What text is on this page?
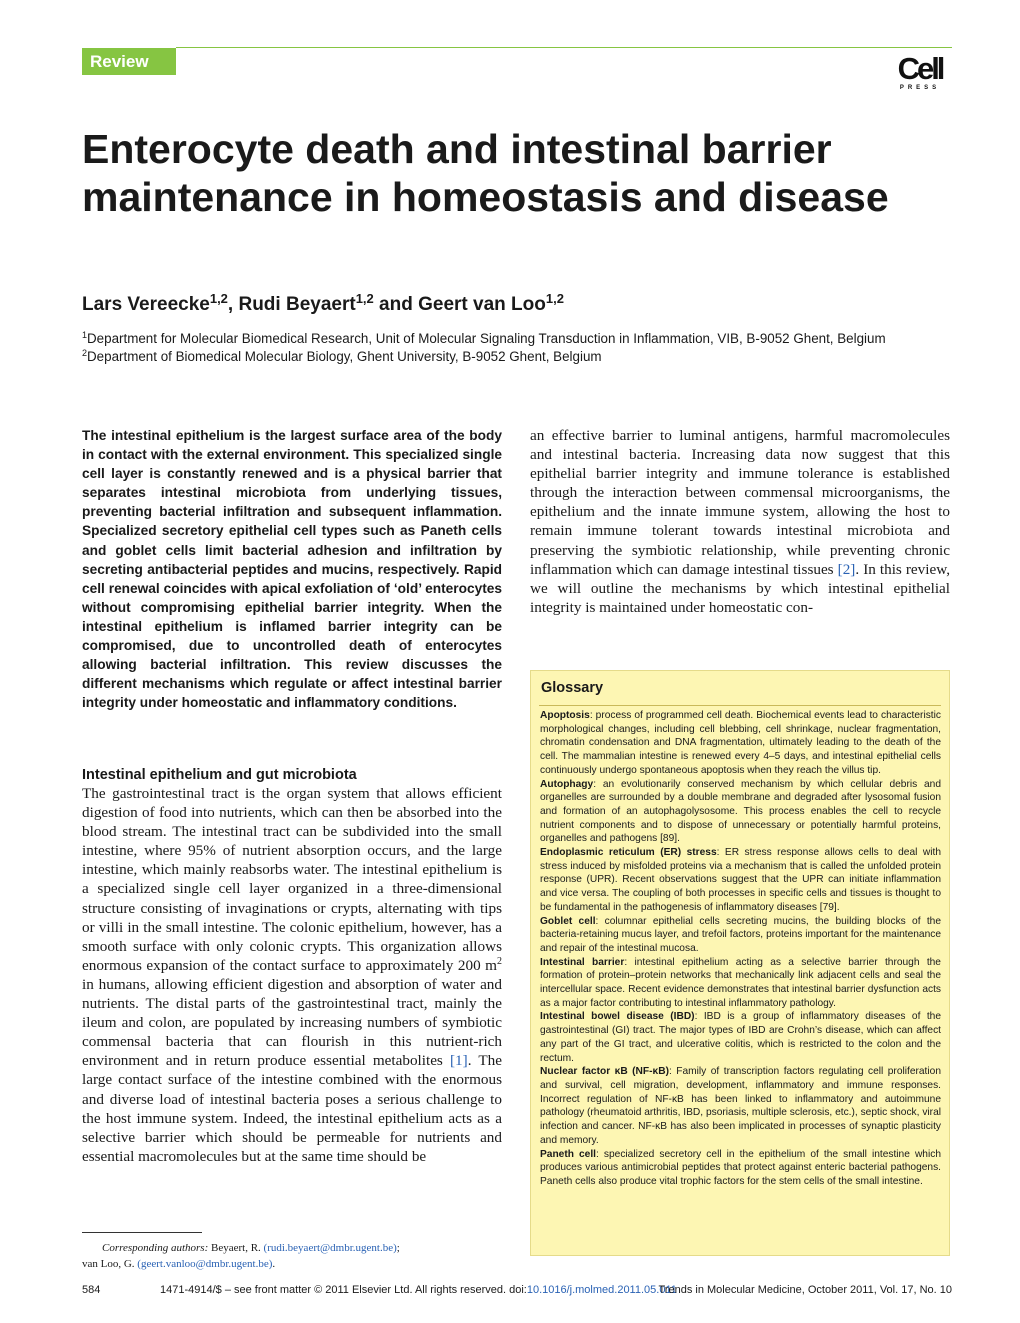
Review	Cell
PRESS
Enterocyte death and intestinal barrier maintenance in homeostasis and disease
Lars Vereecke$^{1,2}$, Rudi Beyaert$^{1,2}$ and Geert van Loo$^{1,2}$

$^1$Department for Molecular Biomedical Research, Unit of Molecular Signaling Transduction in Inflammation, VIB, B-9052 Ghent, Belgium

$^2$Department of Biomedical Molecular Biology, Ghent University, B-9052 Ghent, Belgium

The intestinal epithelium is the largest surface area of the body in contact with the external environment. This specialized single cell layer is constantly renewed and is a physical barrier that separates intestinal microbiota from underlying tissues, preventing bacterial infiltration and subsequent inflammation. Specialized secretory epithelial cell types such as Paneth cells and goblet cells limit bacterial adhesion and infiltration by secreting antibacterial peptides and mucins, respectively. Rapid cell renewal coincides with apical exfoliation of ‘old’ enterocytes without compromising epithelial barrier integrity. When the intestinal epithelium is inflamed barrier integrity can be compromised, due to uncontrolled death of enterocytes allowing bacterial infiltration. This review discusses the different mechanisms which regulate or affect intestinal barrier integrity under homeostatic and inflammatory conditions.

Intestinal epithelium and gut microbiota

The gastrointestinal tract is the organ system that allows efficient digestion of food into nutrients, which can then be absorbed into the blood stream. The intestinal tract can be subdivided into the small intestine, where 95% of nutrient absorption occurs, and the large intestine, which mainly reabsorbs water. The intestinal epithelium is a specialized single cell layer organized in a three-dimensional structure consisting of invaginations or crypts, alternating with tips or villi in the small intestine. The colonic epithelium, however, has a smooth surface with only colonic crypts. This organization allows enormous expansion of the contact surface to approximately 200 $m^2$ in humans, allowing efficient digestion and absorption of water and nutrients. The distal parts of the gastrointestinal tract, mainly the ileum and colon, are populated by increasing numbers of symbiotic commensal bacteria that can flourish in this nutrient-rich environment and in return produce essential metabolites [1]. The large contact surface of the intestine combined with the enormous and diverse load of intestinal bacteria poses a serious challenge to the host immune system. Indeed, the intestinal epithelium acts as a selective barrier which should be permeable for nutrients and essential macromolecules but at the same time should be

an effective barrier to luminal antigens, harmful macromolecules and intestinal bacteria. Increasing data now suggest that this epithelial barrier integrity and immune tolerance is established through the interaction between commensal microorganisms, the epithelium and the innate immune system, allowing the host to remain immune tolerant towards intestinal microbiota and preserving the symbiotic relationship, while preventing chronic inflammation which can damage intestinal tissues [2]. In this review, we will outline the mechanisms by which intestinal epithelial integrity is maintained under homeostatic con-

Glossary

Apoptosis: process of programmed cell death. Biochemical events lead to characteristic morphological changes, including cell blebbing, cell shrinkage, nuclear fragmentation, chromatin condensation and DNA fragmentation, ultimately leading to the death of the cell. The mammalian intestine is renewed every 4–5 days, and intestinal epithelial cells continuously undergo spontaneous apoptosis when they reach the villus tip.

Autophagy: an evolutionarily conserved mechanism by which cellular debris and organelles are surrounded by a double membrane and degraded after lysosomal fusion and formation of an autophagolysosome. This process enables the cell to recycle nutrient components and to dispose of unnecessary or potentially harmful proteins, organelles and pathogens [89].

Endoplasmic reticulum (ER) stress: ER stress response allows cells to deal with stress induced by misfolded proteins via a mechanism that is called the unfolded protein response (UPR). Recent observations suggest that the UPR can initiate inflammation and vice versa. The coupling of both processes in specific cells and tissues is thought to be fundamental in the pathogenesis of inflammatory diseases [79].

Goblet cell: columnar epithelial cells secreting mucins, the building blocks of the bacteria-retaining mucus layer, and trefoil factors, proteins important for the maintenance and repair of the intestinal mucosa.

Intestinal barrier: intestinal epithelium acting as a selective barrier through the formation of protein–protein networks that mechanically link adjacent cells and seal the intercellular space. Recent evidence demonstrates that intestinal barrier dysfunction acts as a major factor contributing to intestinal inflammatory pathology.

Intestinal bowel disease (IBD): IBD is a group of inflammatory diseases of the gastrointestinal (GI) tract. The major types of IBD are Crohn’s disease, which can affect any part of the GI tract, and ulcerative colitis, which is restricted to the colon and the rectum.

Nuclear factor κB (NF-κB): Family of transcription factors regulating cell proliferation and survival, cell migration, development, inflammatory and immune responses. Incorrect regulation of NF-κB has been linked to inflammatory and autoimmune pathology (rheumatoid arthritis, IBD, psoriasis, multiple sclerosis, etc.), septic shock, viral infection and cancer. NF-κB has also been implicated in processes of synaptic plasticity and memory.

Paneth cell: specialized secretory cell in the epithelium of the small intestine which produces various antimicrobial peptides that protect against enteric bacterial pathogens. Paneth cells also produce vital trophic factors for the stem cells of the small intestine.

Corresponding authors: Beyaert, R. (rudi.beyaert@dmbr.ugent.be);
van Loo, G. (geert.vanloo@dmbr.ugent.be).
584	1471-4914/$ – see front matter © 2011 Elsevier Ltd. All rights reserved. doi:10.1016/j.molmed.2011.05.011
Trends in Molecular Medicine, October 2011, Vol. 17, No. 10
